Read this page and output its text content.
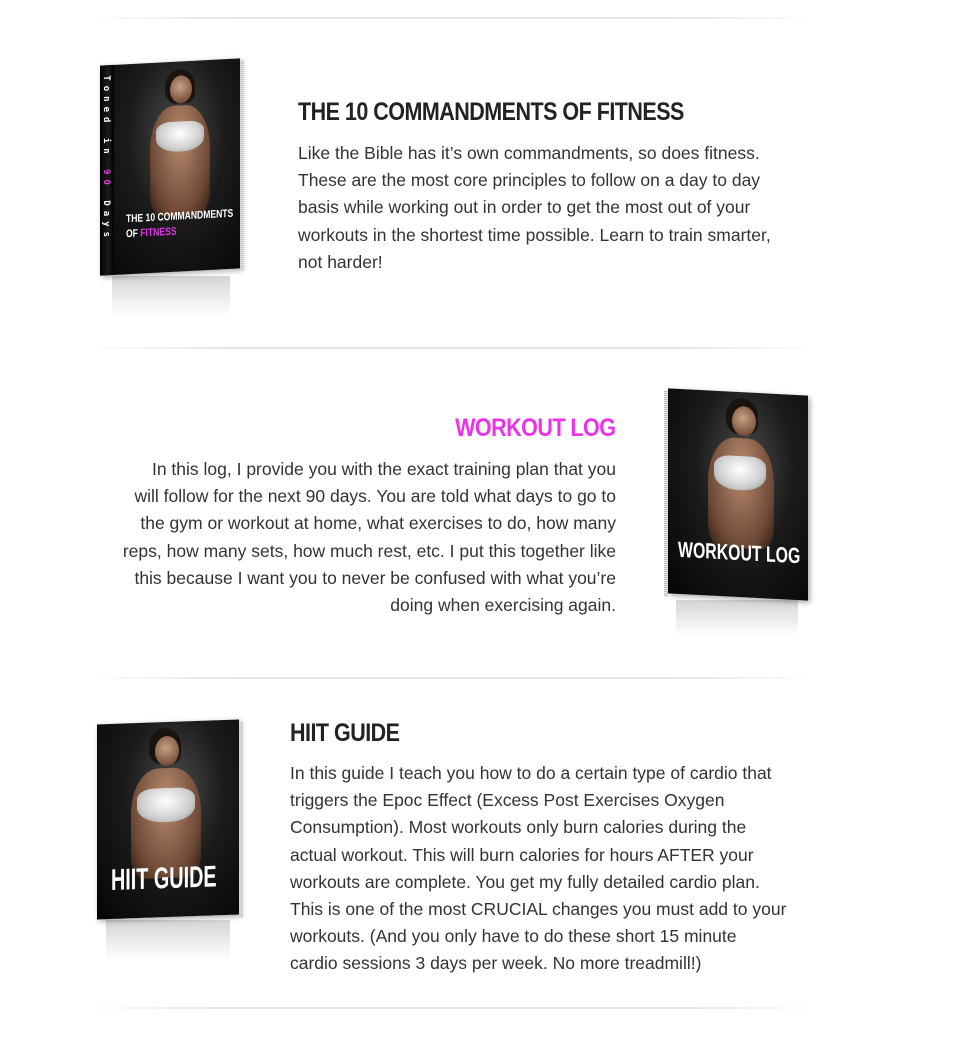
Toned in 90 Days THE 10 COMMANDMENTS
OF FITNESS
THE 10 COMMANDMENTS OF FITNESS

Like the Bible has it’s own commandments, so does fitness.

These are the most core principles to follow on a day to day

basis while working out in order to get the most out of your

workouts in the shortest time possible. Learn to train smarter,

not harder!

WORKOUT LOG

In this log, I provide you with the exact training plan that you

will follow for the next 90 days. You are told what days to go to

the gym or workout at home, what exercises to do, how many

reps, how many sets, how much rest, etc. I put this together like

this because I want you to never be confused with what you’re

doing when exercising again.

WORKOUT LOG
HIIT GUIDE
HIIT GUIDE

In this guide I teach you how to do a certain type of cardio that

triggers the Epoc Effect (Excess Post Exercises Oxygen

Consumption). Most workouts only burn calories during the

actual workout. This will burn calories for hours AFTER your

workouts are complete. You get my fully detailed cardio plan.

This is one of the most CRUCIAL changes you must add to your

workouts. (And you only have to do these short 15 minute

cardio sessions 3 days per week. No more treadmill!)
